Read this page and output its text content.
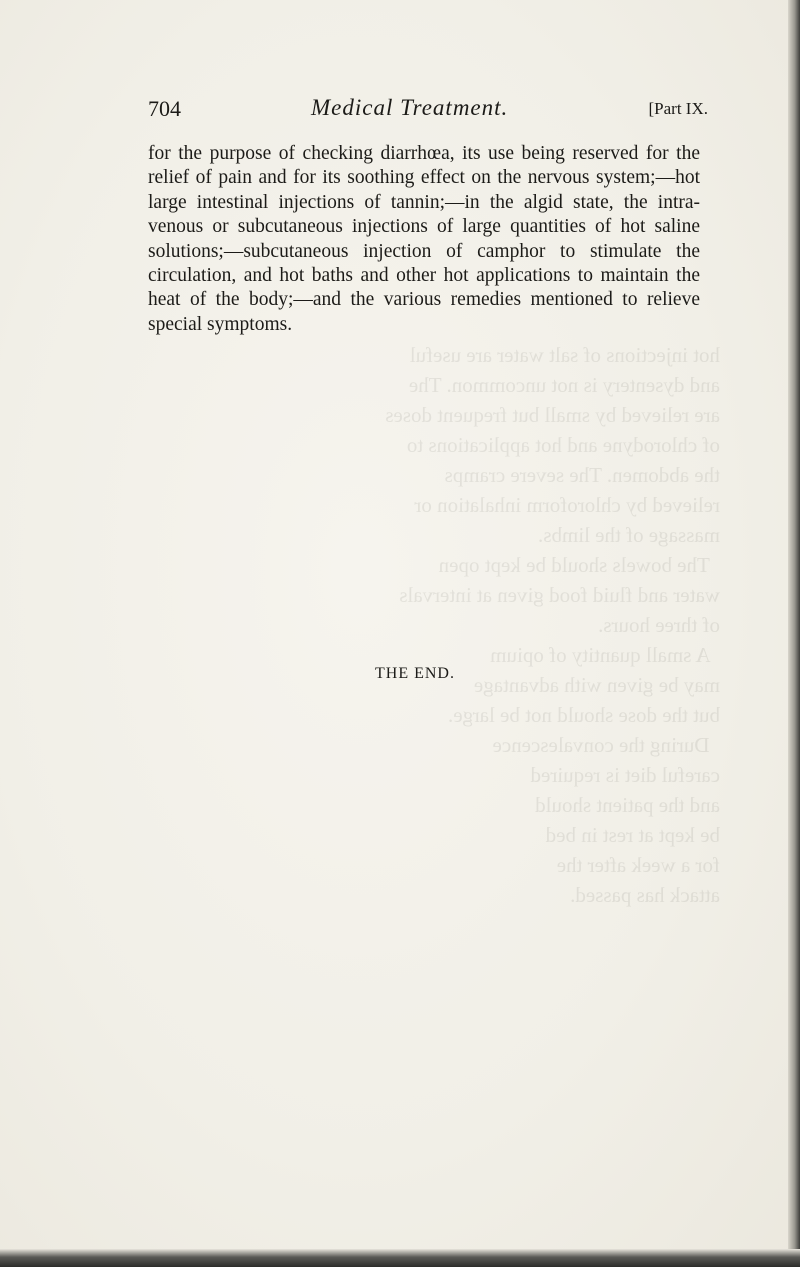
hot injections of salt water are useful
and dysentery is not uncommon. The
are relieved by small but frequent doses
of chlorodyne and hot applications to
the abdomen. The severe cramps
relieved by chloroform inhalation or
massage of the limbs.
The bowels should be kept open
water and fluid food given at intervals
of three hours.
A small quantity of opium
may be given with advantage
but the dose should not be large.
During the convalescence
careful diet is required
and the patient should
be kept at rest in bed
for a week after the
attack has passed.
704	Medical Treatment.	[Part IX.

for the purpose of checking diarrhœa, its use being reserved for the relief of pain and for its soothing effect on the nervous system;—hot large intestinal injections of tannin;—in the algid state, the intra-venous or subcutaneous injections of large quantities of hot saline solutions;—subcutaneous injection of camphor to stimulate the circulation, and hot baths and other hot applications to maintain the heat of the body;—and the various remedies mentioned to relieve special symptoms.

THE END.
